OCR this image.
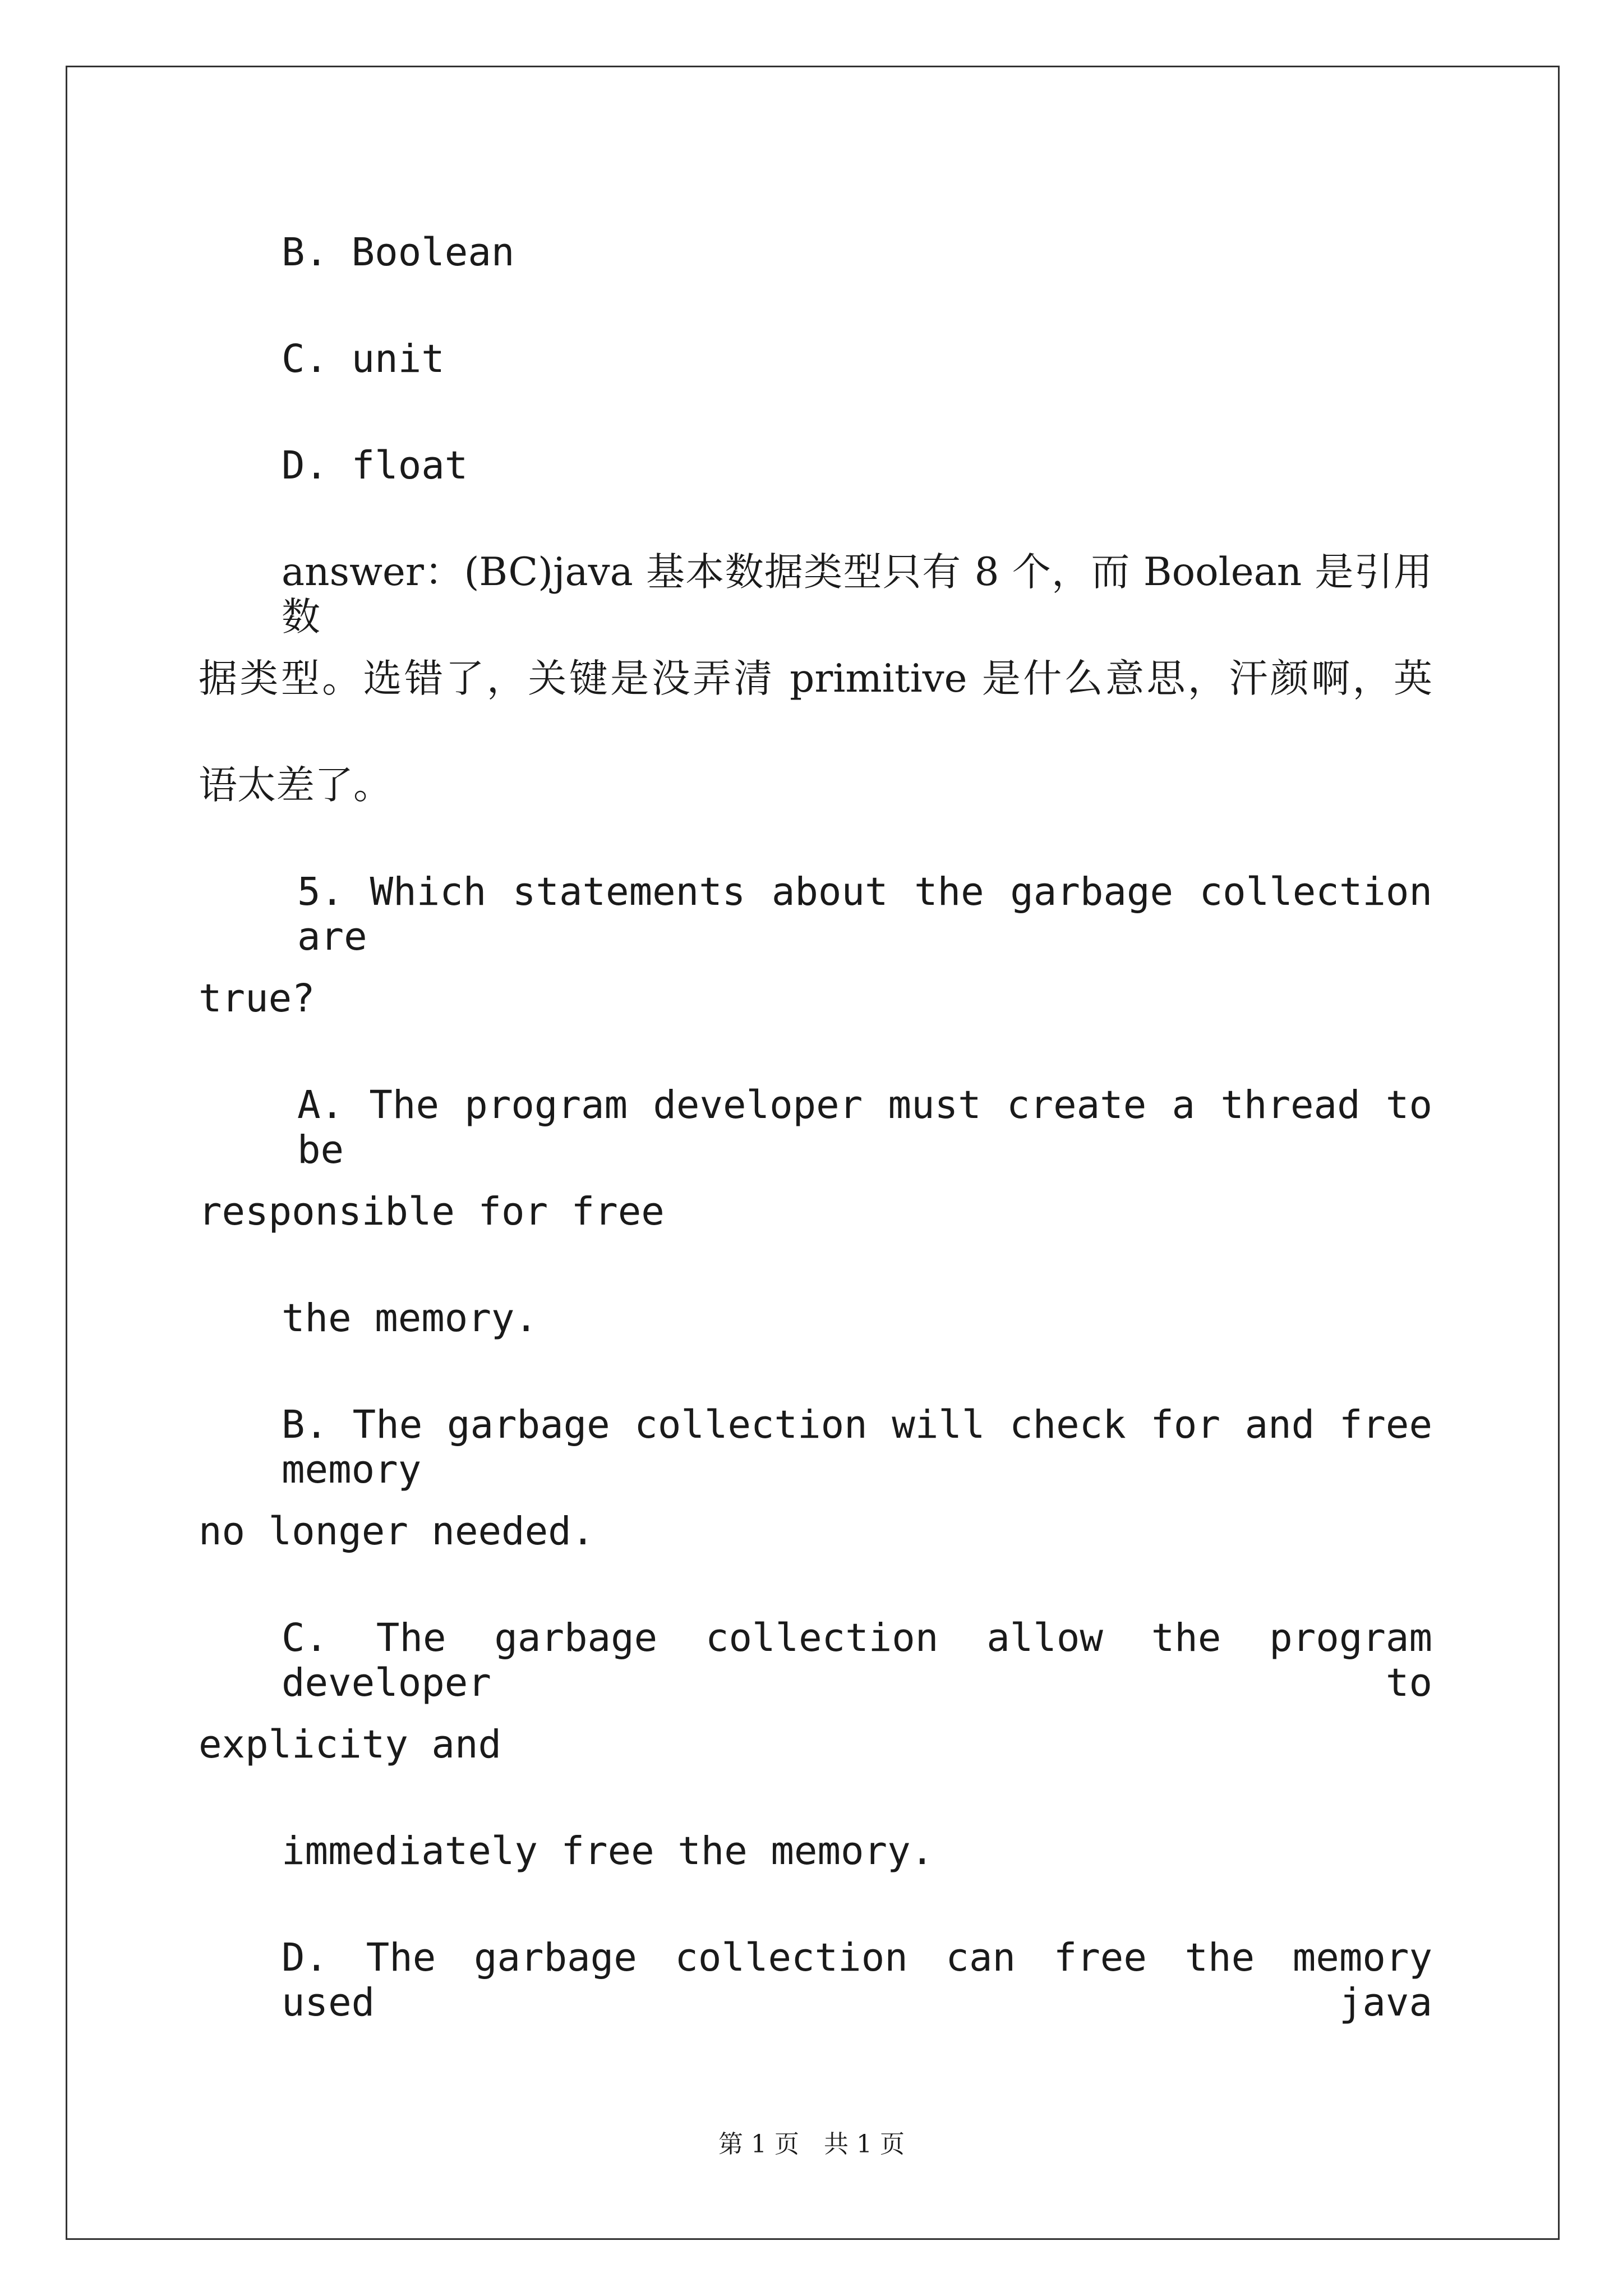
B. Boolean

C. unit

D. float

answer：(BC)java 基本数据类型只有 8 个，而 Boolean 是引用数

据类型。选错了，关键是没弄清 primitive 是什么意思，汗颜啊，英

语太差了。

5. Which statements about the garbage collection are

true?

A. The program developer must create a thread to be

responsible for free

the memory.

B. The garbage collection will check for and free memory

no longer needed.

C. The garbage collection allow the program developer to

explicity and

immediately free the memory.

D. The garbage collection can free the memory used java

第 1 页　共 1 页
